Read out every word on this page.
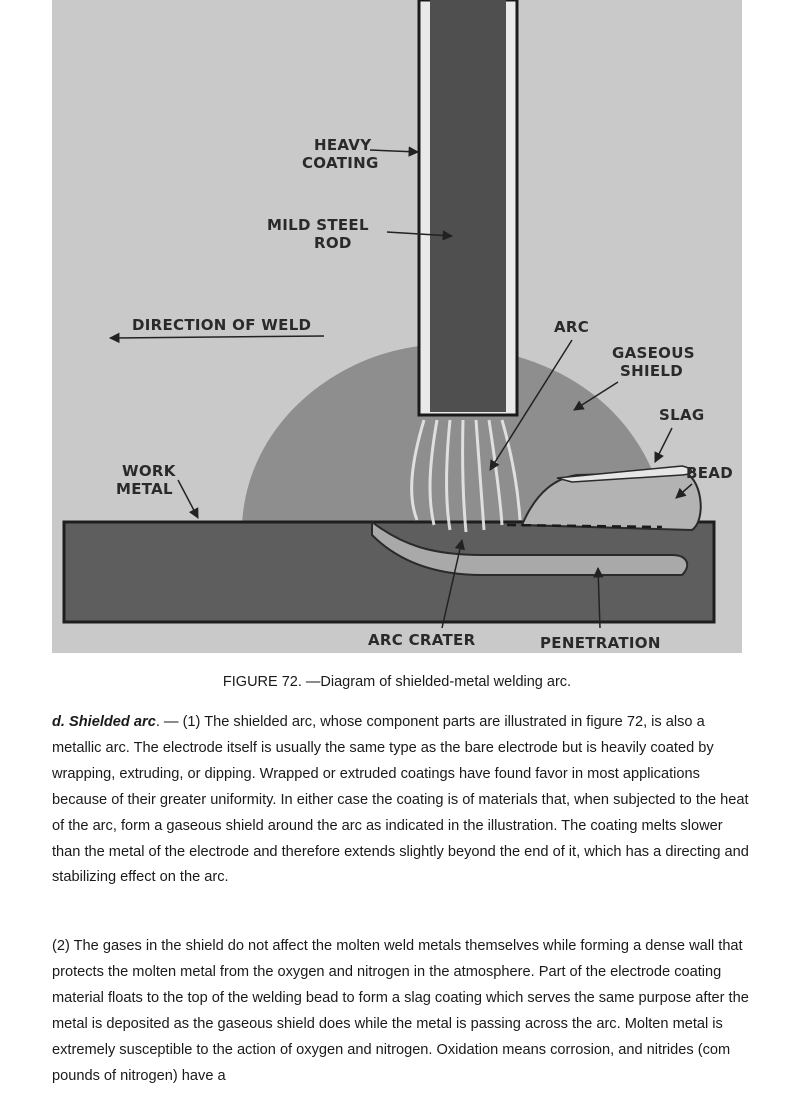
HEAVY
COATING
MILD STEEL
ROD
DIRECTION OF WELD	ARC
GASEOUS
SHIELD
SLAG
BEAD
WORK
METAL
ARC CRATER	PENETRATION
FIGURE 72. —Diagram of shielded-metal welding arc.

d. Shielded arc. — (1) The shielded arc, whose component parts are illustrated in figure 72, is also a metallic arc. The electrode itself is usually the same type as the bare electrode but is heavily coated by wrapping, extruding, or dipping. Wrapped or extruded coatings have found favor in most applications because of their greater uniformity. In either case the coating is of materials that, when subjected to the heat of the arc, form a gaseous shield around the arc as indicated in the illustration. The coating melts slower than the metal of the electrode and therefore extends slightly beyond the end of it, which has a directing and stabilizing effect on the arc.

(2) The gases in the shield do not affect the molten weld metals themselves while forming a dense wall that protects the molten metal from the oxygen and nitrogen in the atmosphere. Part of the electrode coating material floats to the top of the welding bead to form a slag coating which serves the same purpose after the metal is deposited as the gaseous shield does while the metal is passing across the arc. Molten metal is extremely susceptible to the action of oxygen and nitrogen. Oxidation means corrosion, and nitrides (com pounds of nitrogen) have a
